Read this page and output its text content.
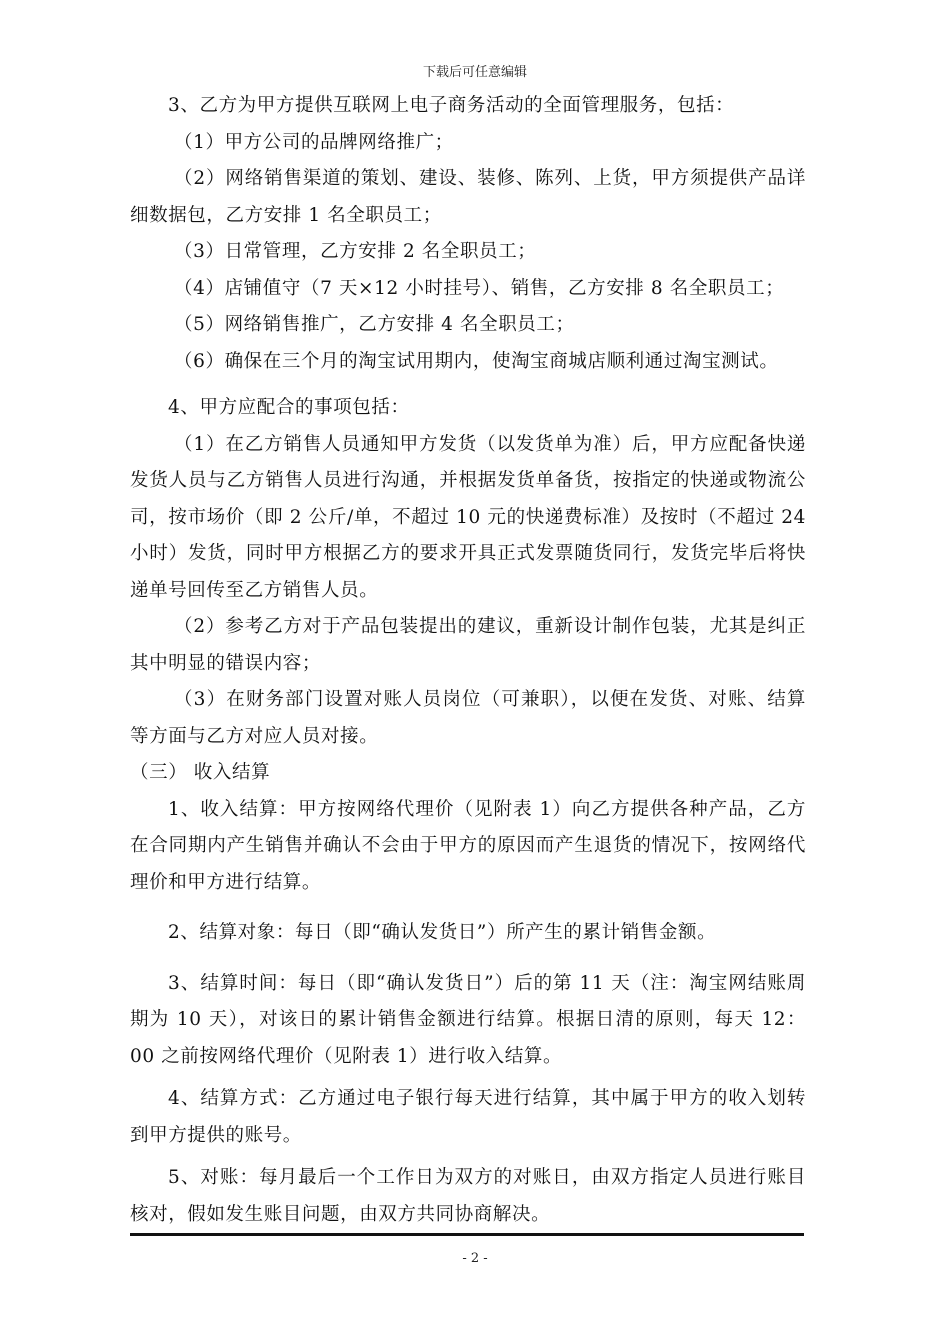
下载后可任意编辑

3、乙方为甲方提供互联网上电子商务活动的全面管理服务，包括：

（1）甲方公司的品牌网络推广；

（2）网络销售渠道的策划、建设、装修、陈列、上货，甲方须提供产品详细数据包，乙方安排 1 名全职员工；

（3）日常管理，乙方安排 2 名全职员工；

（4）店铺值守（7 天×12 小时挂号）、销售，乙方安排 8 名全职员工；

（5）网络销售推广，乙方安排 4 名全职员工；

（6）确保在三个月的淘宝试用期内，使淘宝商城店顺利通过淘宝测试。

4、甲方应配合的事项包括：

（1）在乙方销售人员通知甲方发货（以发货单为准）后，甲方应配备快递发货人员与乙方销售人员进行沟通，并根据发货单备货，按指定的快递或物流公司，按市场价（即 2 公斤/单，不超过 10 元的快递费标准）及按时（不超过 24 小时）发货，同时甲方根据乙方的要求开具正式发票随货同行，发货完毕后将快递单号回传至乙方销售人员。

（2）参考乙方对于产品包装提出的建议，重新设计制作包装，尤其是纠正其中明显的错误内容；

（3）在财务部门设置对账人员岗位（可兼职），以便在发货、对账、结算等方面与乙方对应人员对接。

（三） 收入结算

1、收入结算：甲方按网络代理价（见附表 1）向乙方提供各种产品，乙方在合同期内产生销售并确认不会由于甲方的原因而产生退货的情况下，按网络代理价和甲方进行结算。

2、结算对象：每日（即“确认发货日”）所产生的累计销售金额。

3、结算时间：每日（即“确认发货日”）后的第 11 天（注：淘宝网结账周期为 10 天），对该日的累计销售金额进行结算。根据日清的原则，每天 12：00 之前按网络代理价（见附表 1）进行收入结算。

4、结算方式：乙方通过电子银行每天进行结算，其中属于甲方的收入划转到甲方提供的账号。

5、对账：每月最后一个工作日为双方的对账日，由双方指定人员进行账目核对，假如发生账目问题，由双方共同协商解决。

- 2 -
